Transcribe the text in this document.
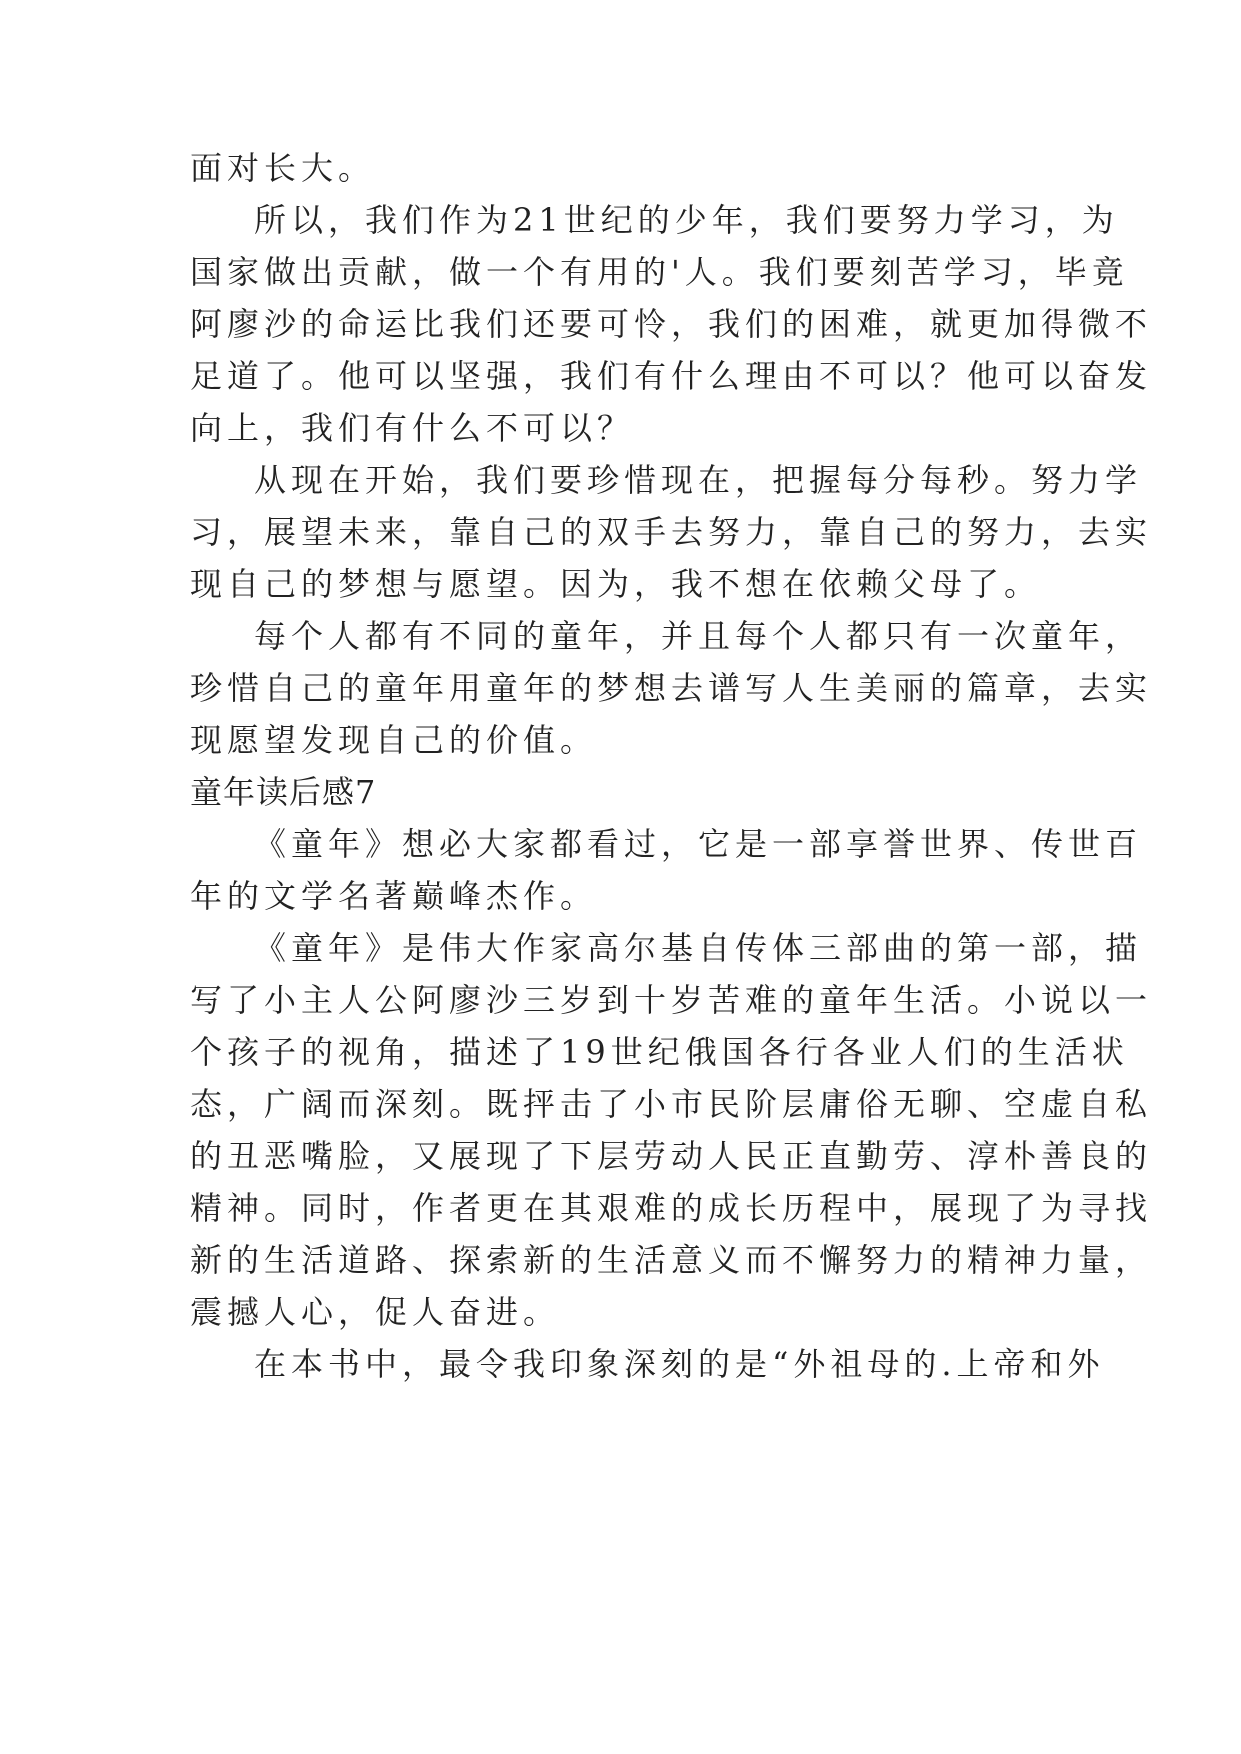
面对长大。
所以，我们作为21世纪的少年，我们要努力学习，为
国家做出贡献，做一个有用的'人。我们要刻苦学习，毕竟
阿廖沙的命运比我们还要可怜，我们的困难，就更加得微不
足道了。他可以坚强，我们有什么理由不可以？他可以奋发
向上，我们有什么不可以？
从现在开始，我们要珍惜现在，把握每分每秒。努力学
习，展望未来，靠自己的双手去努力，靠自己的努力，去实
现自己的梦想与愿望。因为，我不想在依赖父母了。
每个人都有不同的童年，并且每个人都只有一次童年，
珍惜自己的童年用童年的梦想去谱写人生美丽的篇章，去实
现愿望发现自己的价值。
童年读后感7
《童年》想必大家都看过，它是一部享誉世界、传世百
年的文学名著巅峰杰作。
《童年》是伟大作家高尔基自传体三部曲的第一部，描
写了小主人公阿廖沙三岁到十岁苦难的童年生活。小说以一
个孩子的视角，描述了19世纪俄国各行各业人们的生活状
态，广阔而深刻。既抨击了小市民阶层庸俗无聊、空虚自私
的丑恶嘴脸，又展现了下层劳动人民正直勤劳、淳朴善良的
精神。同时，作者更在其艰难的成长历程中，展现了为寻找
新的生活道路、探索新的生活意义而不懈努力的精神力量，
震撼人心，促人奋进。
在本书中，最令我印象深刻的是“外祖母的.上帝和外
